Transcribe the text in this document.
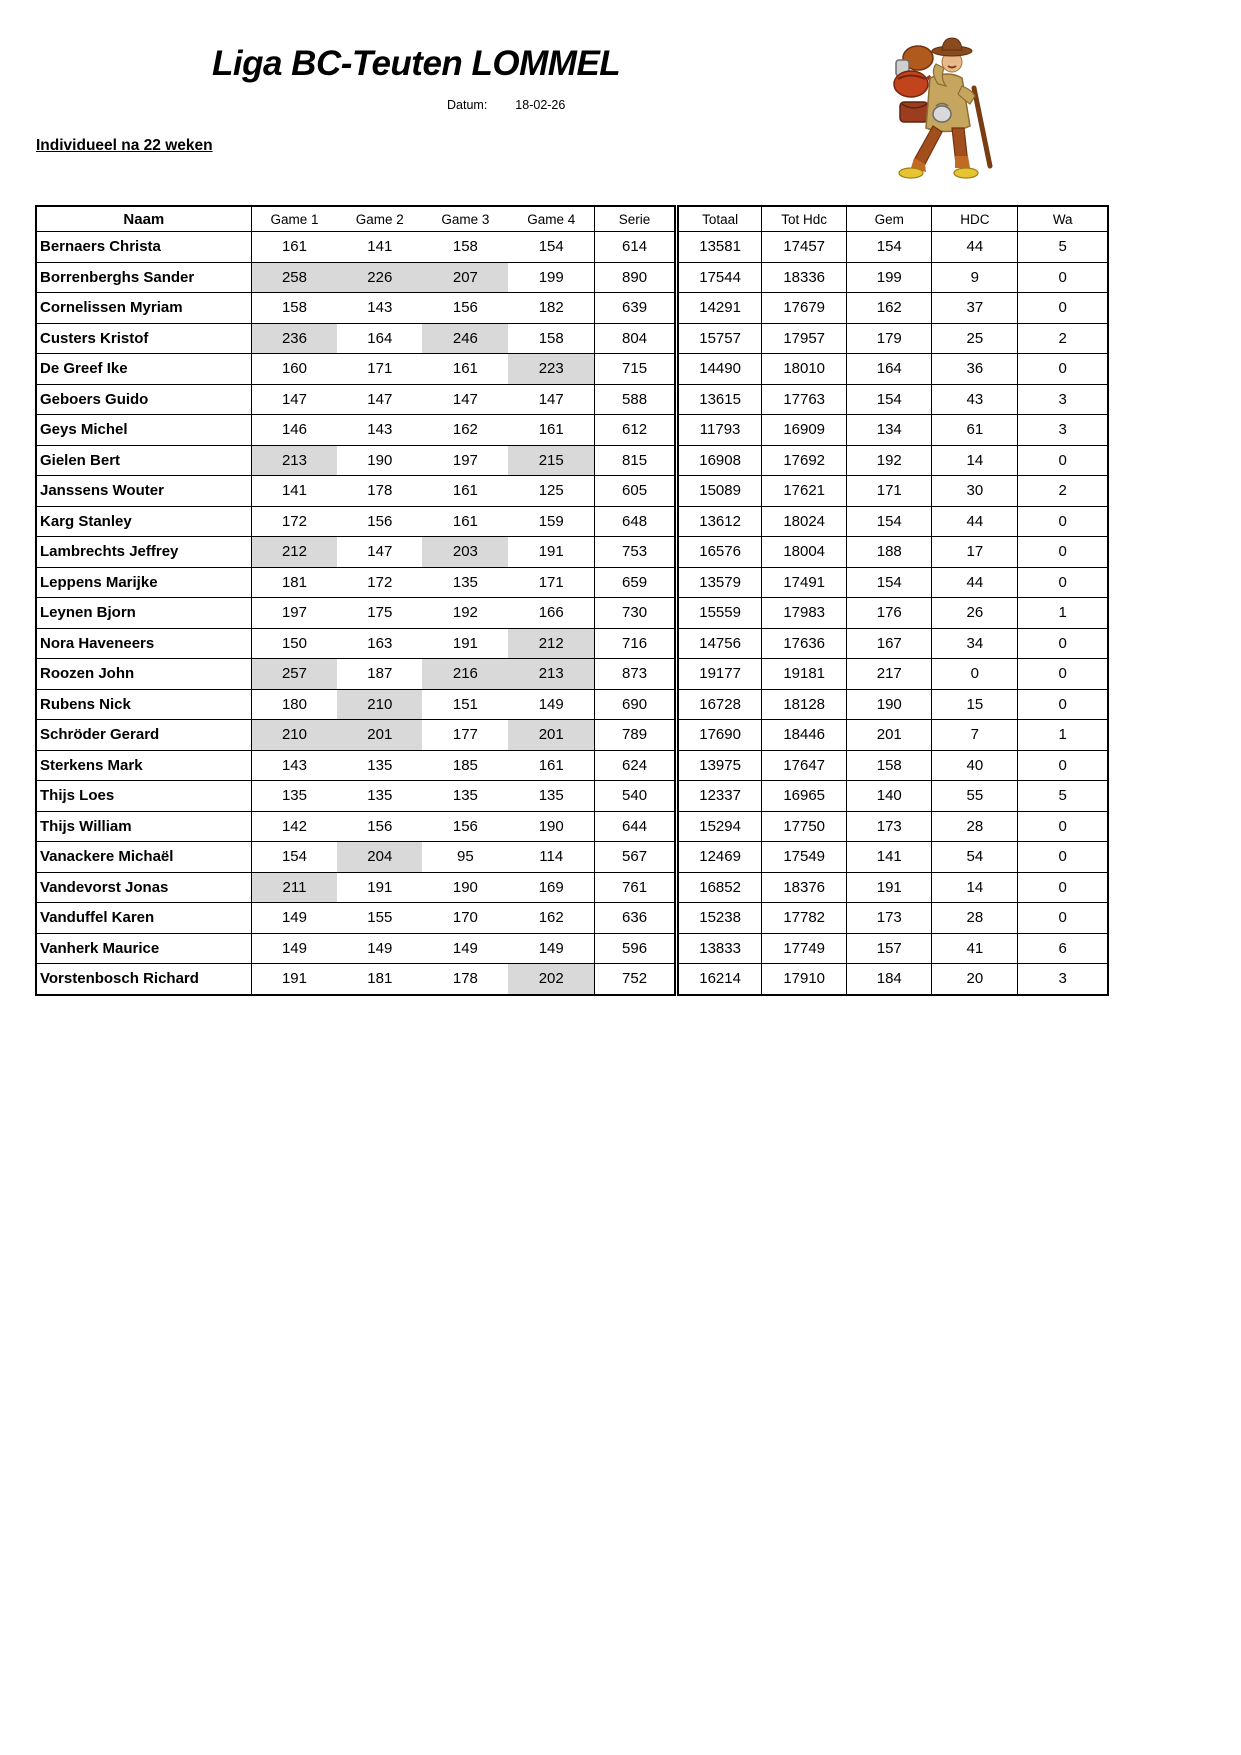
Liga BC-Teuten LOMMEL
Datum: 18-02-26
Individueel na 22 weken
Naam	Game 1	Game 2	Game 3	Game 4	Serie	Totaal	Tot Hdc	Gem	HDC	Wa
Bernaers Christa	161	141	158	154	614	13581	17457	154	44	5
Borrenberghs Sander	258	226	207	199	890	17544	18336	199	9	0
Cornelissen Myriam	158	143	156	182	639	14291	17679	162	37	0
Custers Kristof	236	164	246	158	804	15757	17957	179	25	2
De Greef Ike	160	171	161	223	715	14490	18010	164	36	0
Geboers Guido	147	147	147	147	588	13615	17763	154	43	3
Geys Michel	146	143	162	161	612	11793	16909	134	61	3
Gielen Bert	213	190	197	215	815	16908	17692	192	14	0
Janssens Wouter	141	178	161	125	605	15089	17621	171	30	2
Karg Stanley	172	156	161	159	648	13612	18024	154	44	0
Lambrechts Jeffrey	212	147	203	191	753	16576	18004	188	17	0
Leppens Marijke	181	172	135	171	659	13579	17491	154	44	0
Leynen Bjorn	197	175	192	166	730	15559	17983	176	26	1
Nora Haveneers	150	163	191	212	716	14756	17636	167	34	0
Roozen John	257	187	216	213	873	19177	19181	217	0	0
Rubens Nick	180	210	151	149	690	16728	18128	190	15	0
Schröder Gerard	210	201	177	201	789	17690	18446	201	7	1
Sterkens Mark	143	135	185	161	624	13975	17647	158	40	0
Thijs Loes	135	135	135	135	540	12337	16965	140	55	5
Thijs William	142	156	156	190	644	15294	17750	173	28	0
Vanackere Michaël	154	204	95	114	567	12469	17549	141	54	0
Vandevorst Jonas	211	191	190	169	761	16852	18376	191	14	0
Vanduffel Karen	149	155	170	162	636	15238	17782	173	28	0
Vanherk Maurice	149	149	149	149	596	13833	17749	157	41	6
Vorstenbosch Richard	191	181	178	202	752	16214	17910	184	20	3
